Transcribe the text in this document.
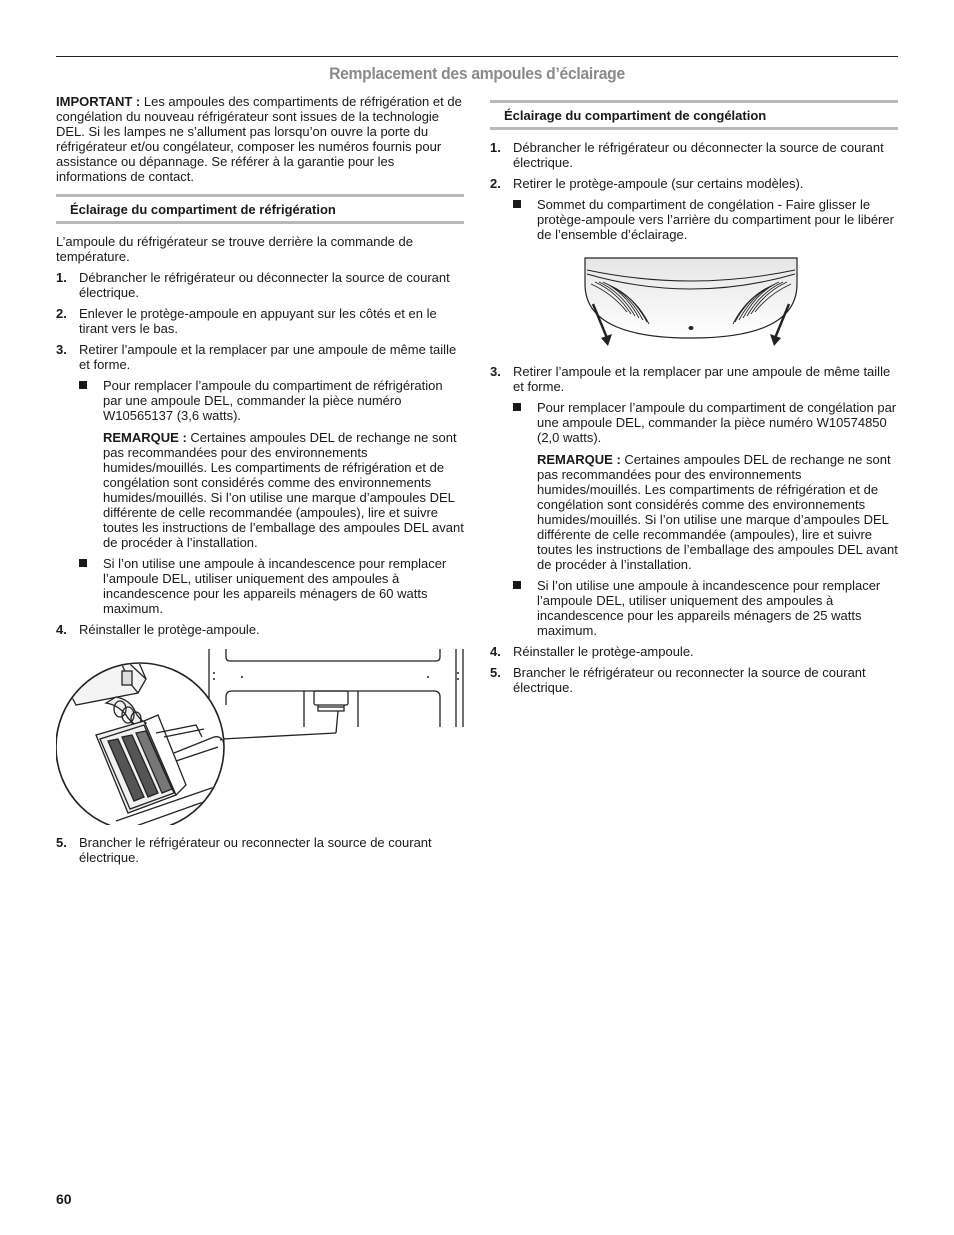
Remplacement des ampoules d’éclairage

IMPORTANT : Les ampoules des compartiments de réfrigération et de congélation du nouveau réfrigérateur sont issues de la technologie DEL. Si les lampes ne s’allument pas lorsqu’on ouvre la porte du réfrigérateur et/ou congélateur, composer les numéros fournis pour assistance ou dépannage. Se référer à la garantie pour les informations de contact.

Éclairage du compartiment de réfrigération

L’ampoule du réfrigérateur se trouve derrière la commande de température.

1. Débrancher le réfrigérateur ou déconnecter la source de courant électrique.
2. Enlever le protège-ampoule en appuyant sur les côtés et en le tirant vers le bas.
3. Retirer l’ampoule et la remplacer par une ampoule de même taille et forme.
Pour remplacer l’ampoule du compartiment de réfrigération par une ampoule DEL, commander la pièce numéro W10565137 (3,6 watts).

REMARQUE : Certaines ampoules DEL de rechange ne sont pas recommandées pour des environnements humides/mouillés. Les compartiments de réfrigération et de congélation sont considérés comme des environnements humides/mouillés. Si l’on utilise une marque d’ampoules DEL différente de celle recommandée (ampoules), lire et suivre toutes les instructions de l’emballage des ampoules DEL avant de procéder à l’installation.

Si l’on utilise une ampoule à incandescence pour remplacer l’ampoule DEL, utiliser uniquement des ampoules à incandescence pour les appareils ménagers de 60 watts maximum.
4. Réinstaller le protège-ampoule.
5. Brancher le réfrigérateur ou reconnecter la source de courant électrique.
Éclairage du compartiment de congélation
1. Débrancher le réfrigérateur ou déconnecter la source de courant électrique.
2. Retirer le protège-ampoule (sur certains modèles).
Sommet du compartiment de congélation - Faire glisser le protège-ampoule vers l’arrière du compartiment pour le libérer de l’ensemble d’éclairage.
3. Retirer l’ampoule et la remplacer par une ampoule de même taille et forme.
Pour remplacer l’ampoule du compartiment de congélation par une ampoule DEL, commander la pièce numéro W10574850 (2,0 watts).

REMARQUE : Certaines ampoules DEL de rechange ne sont pas recommandées pour des environnements humides/mouillés. Les compartiments de réfrigération et de congélation sont considérés comme des environnements humides/mouillés. Si l’on utilise une marque d’ampoules DEL différente de celle recommandée (ampoules), lire et suivre toutes les instructions de l’emballage des ampoules DEL avant de procéder à l’installation.

Si l’on utilise une ampoule à incandescence pour remplacer l’ampoule DEL, utiliser uniquement des ampoules à incandescence pour les appareils ménagers de 25 watts maximum.
4. Réinstaller le protège-ampoule.
5. Brancher le réfrigérateur ou reconnecter la source de courant électrique.
60
